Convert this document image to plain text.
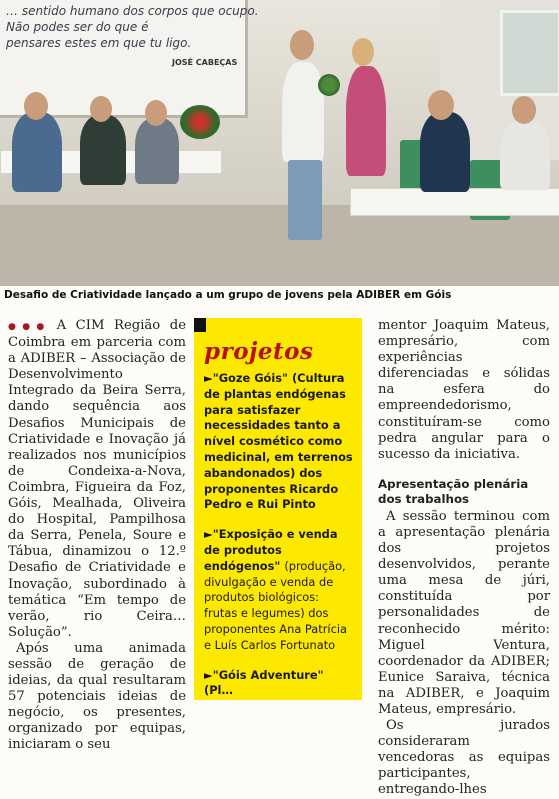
… sentido humano dos corpos que ocupo.
Não podes ser do que é
pensares estes em que tu ligo.
JOSÉ CABEÇAS
Desafio de Criatividade lançado a um grupo de jovens pela ADIBER em Góis

●●● A CIM Região de Coimbra em parceria com a ADIBER – Associação de Desenvolvimento Integrado da Beira Serra, dando sequência aos Desafios Municipais de Criatividade e Inovação já realizados nos municípios de Condeixa-a-Nova, Coimbra, Figueira da Foz, Góis, Mealhada, Oliveira do Hospital, Pampilhosa da Serra, Penela, Soure e Tábua, dinamizou o 12.º Desafio de Criatividade e Inovação, subordinado à temática “Em tempo de verão, rio Ceira… Solução”.

Após uma animada sessão de geração de ideias, da qual resultaram 57 potenciais ideias de negócio, os presentes, organizado por equipas, iniciaram o seu

projetos
►"Goze Góis" (Cultura de plantas endógenas para satisfazer necessidades tanto a nível cosmético como medicinal, em terrenos abandonados) dos proponentes Ricardo Pedro e Rui Pinto
►"Exposição e venda de produtos endógenos" (produção, divulgação e venda de produtos biológicos: frutas e legumes) dos proponentes Ana Patrícia e Luís Carlos Fortunato
►"Góis Adventure" (Pl…

mentor Joaquim Mateus, empresário, com experiências diferenciadas e sólidas na esfera do empreendedorismo, constituíram-se como pedra angular para o sucesso da iniciativa.

Apresentação plenária dos trabalhos

A sessão terminou com a apresentação plenária dos projetos desenvolvidos, perante uma mesa de júri, constituída por personalidades de reconhecido mérito: Miguel Ventura, coordenador da ADIBER; Eunice Saraiva, técnica na ADIBER, e Joaquim Mateus, empresário.

Os jurados consideraram vencedoras as equipas participantes, entregando-lhes
